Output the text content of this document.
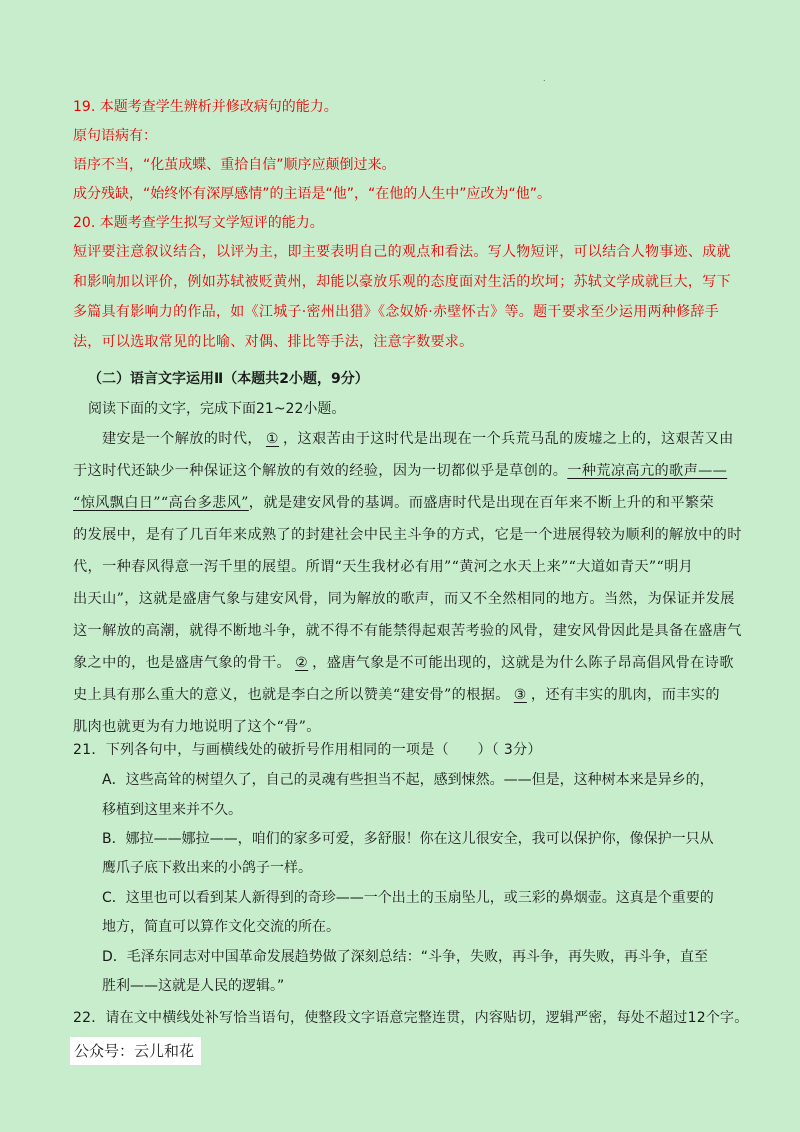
.
19. 本题考查学生辨析并修改病句的能力。
原句语病有：
语序不当，“化茧成蝶、重拾自信”顺序应颠倒过来。
成分残缺，“始终怀有深厚感情”的主语是“他”，“在他的人生中”应改为“他”。
20. 本题考查学生拟写文学短评的能力。
短评要注意叙议结合，以评为主，即主要表明自己的观点和看法。写人物短评，可以结合人物事迹、成就
和影响加以评价，例如苏轼被贬黄州，却能以豪放乐观的态度面对生活的坎坷；苏轼文学成就巨大，写下
多篇具有影响力的作品，如《江城子·密州出猎》《念奴娇·赤壁怀古》等。题干要求至少运用两种修辞手
法，可以选取常见的比喻、对偶、排比等手法，注意字数要求。
（二）语言文字运用Ⅱ（本题共2小题，9分）
阅读下面的文字，完成下面21~22小题。
建安是一个解放的时代， ① ，这艰苦由于这时代是出现在一个兵荒马乱的废墟之上的，这艰苦又由
于这时代还缺少一种保证这个解放的有效的经验，因为一切都似乎是草创的。一种荒凉高亢的歌声——
“惊风飘白日”“高台多悲风”，就是建安风骨的基调。而盛唐时代是出现在百年来不断上升的和平繁荣
的发展中，是有了几百年来成熟了的封建社会中民主斗争的方式，它是一个进展得较为顺利的解放中的时
代，一种春风得意一泻千里的展望。所谓“天生我材必有用”“黄河之水天上来”“大道如青天”“明月
出天山”，这就是盛唐气象与建安风骨，同为解放的歌声，而又不全然相同的地方。当然，为保证并发展
这一解放的高潮，就得不断地斗争，就不得不有能禁得起艰苦考验的风骨，建安风骨因此是具备在盛唐气
象之中的，也是盛唐气象的骨干。 ② ，盛唐气象是不可能出现的，这就是为什么陈子昂高倡风骨在诗歌
史上具有那么重大的意义，也就是李白之所以赞美“建安骨”的根据。 ③ ，还有丰实的肌肉，而丰实的
肌肉也就更为有力地说明了这个“骨”。
21．下列各句中，与画横线处的破折号作用相同的一项是（　　）（ 3分）
A．这些高耸的树望久了，自己的灵魂有些担当不起，感到悚然。——但是，这种树本来是异乡的，
移植到这里来并不久。
B．娜拉——娜拉——，咱们的家多可爱，多舒服！你在这儿很安全，我可以保护你，像保护一只从
鹰爪子底下救出来的小鸽子一样。
C．这里也可以看到某人新得到的奇珍——一个出土的玉扇坠儿，或三彩的鼻烟壶。这真是个重要的
地方，简直可以算作文化交流的所在。
D．毛泽东同志对中国革命发展趋势做了深刻总结：“斗争，失败，再斗争，再失败，再斗争，直至
胜利——这就是人民的逻辑。”
22．请在文中横线处补写恰当语句，使整段文字语意完整连贯，内容贴切，逻辑严密，每处不超过12个字。
公众号：云儿和花
